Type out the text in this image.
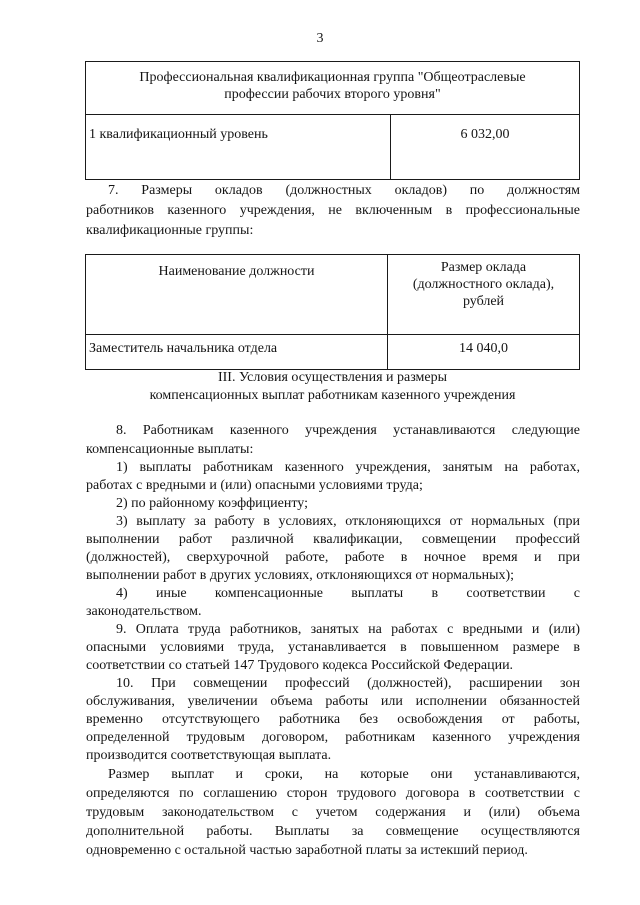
3
Профессиональная квалификационная группа "Общеотраслевые
профессии рабочих второго уровня"

1 квалификационный уровень	6 032,00
7. Размеры окладов (должностных окладов) по должностям
работников казенного учреждения, не включенным в профессиональные
квалификационные группы:
Наименование должности	Размер оклада
(должностного оклада),
рублей

Заместитель начальника отдела	14 040,0
III. Условия осуществления и размеры
компенсационных выплат работникам казенного учреждения
8. Работникам казенного учреждения устанавливаются следующие
компенсационные выплаты:
1) выплаты работникам казенного учреждения, занятым на работах,
работах с вредными и (или) опасными условиями труда;
2) по районному коэффициенту;
3) выплату за работу в условиях, отклоняющихся от нормальных (при
выполнении работ различной квалификации, совмещении профессий
(должностей), сверхурочной работе, работе в ночное время и при
выполнении работ в других условиях, отклоняющихся от нормальных);
4) иные компенсационные выплаты в соответствии с
законодательством.
9. Оплата труда работников, занятых на работах с вредными и (или)
опасными условиями труда, устанавливается в повышенном размере в
соответствии со статьей 147 Трудового кодекса Российской Федерации.
10. При совмещении профессий (должностей), расширении зон
обслуживания, увеличении объема работы или исполнении обязанностей
временно отсутствующего работника без освобождения от работы,
определенной трудовым договором, работникам казенного учреждения
производится соответствующая выплата.
Размер выплат и сроки, на которые они устанавливаются,
определяются по соглашению сторон трудового договора в соответствии с
трудовым законодательством с учетом содержания и (или) объема
дополнительной работы. Выплаты за совмещение осуществляются
одновременно с остальной частью заработной платы за истекший период.
